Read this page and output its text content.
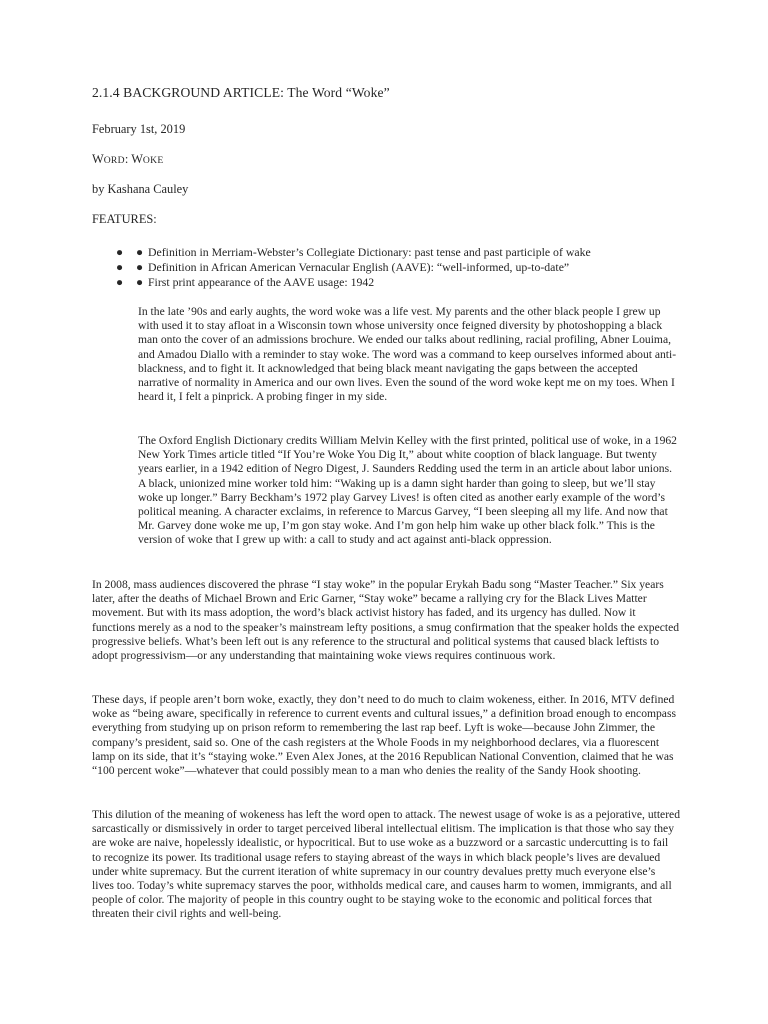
2.1.4 BACKGROUND ARTICLE: The Word “Woke”

February 1st, 2019

WORD: WOKE

by Kashana Cauley

FEATURES:

● ● Definition in Merriam-Webster’s Collegiate Dictionary: past tense and past participle of wake
● ● Definition in African American Vernacular English (AAVE): “well-informed, up-to-date”
● ● First print appearance of the AAVE usage: 1942

In the late ’90s and early aughts, the word woke was a life vest. My parents and the other black people I grew up with used it to stay afloat in a Wisconsin town whose university once feigned diversity by photoshopping a black man onto the cover of an admissions brochure. We ended our talks about redlining, racial profiling, Abner Louima, and Amadou Diallo with a reminder to stay woke. The word was a command to keep ourselves informed about anti-blackness, and to fight it. It acknowledged that being black meant navigating the gaps between the accepted narrative of normality in America and our own lives. Even the sound of the word woke kept me on my toes. When I heard it, I felt a pinprick. A probing finger in my side.

The Oxford English Dictionary credits William Melvin Kelley with the first printed, political use of woke, in a 1962 New York Times article titled “If You’re Woke You Dig It,” about white cooption of black language. But twenty years earlier, in a 1942 edition of Negro Digest, J. Saunders Redding used the term in an article about labor unions. A black, unionized mine worker told him: “Waking up is a damn sight harder than going to sleep, but we’ll stay woke up longer.” Barry Beckham’s 1972 play Garvey Lives! is often cited as another early example of the word’s political meaning. A character exclaims, in reference to Marcus Garvey, “I been sleeping all my life. And now that Mr. Garvey done woke me up, I’m gon stay woke. And I’m gon help him wake up other black folk.” This is the version of woke that I grew up with: a call to study and act against anti-black oppression.

In 2008, mass audiences discovered the phrase “I stay woke” in the popular Erykah Badu song “Master Teacher.” Six years later, after the deaths of Michael Brown and Eric Garner, “Stay woke” became a rallying cry for the Black Lives Matter movement. But with its mass adoption, the word’s black activist history has faded, and its urgency has dulled. Now it functions merely as a nod to the speaker’s mainstream lefty positions, a smug confirmation that the speaker holds the expected progressive beliefs. What’s been left out is any reference to the structural and political systems that caused black leftists to adopt progressivism—or any understanding that maintaining woke views requires continuous work.

These days, if people aren’t born woke, exactly, they don’t need to do much to claim wokeness, either. In 2016, MTV defined woke as “being aware, specifically in reference to current events and cultural issues,” a definition broad enough to encompass everything from studying up on prison reform to remembering the last rap beef. Lyft is woke—because John Zimmer, the company’s president, said so. One of the cash registers at the Whole Foods in my neighborhood declares, via a fluorescent lamp on its side, that it’s “staying woke.” Even Alex Jones, at the 2016 Republican National Convention, claimed that he was “100 percent woke”—whatever that could possibly mean to a man who denies the reality of the Sandy Hook shooting.

This dilution of the meaning of wokeness has left the word open to attack. The newest usage of woke is as a pejorative, uttered sarcastically or dismissively in order to target perceived liberal intellectual elitism. The implication is that those who say they are woke are naive, hopelessly idealistic, or hypocritical. But to use woke as a buzzword or a sarcastic undercutting is to fail to recognize its power. Its traditional usage refers to staying abreast of the ways in which black people’s lives are devalued under white supremacy. But the current iteration of white supremacy in our country devalues pretty much everyone else’s lives too. Today’s white supremacy starves the poor, withholds medical care, and causes harm to women, immigrants, and all people of color. The majority of people in this country ought to be staying woke to the economic and political forces that threaten their civil rights and well-being.
